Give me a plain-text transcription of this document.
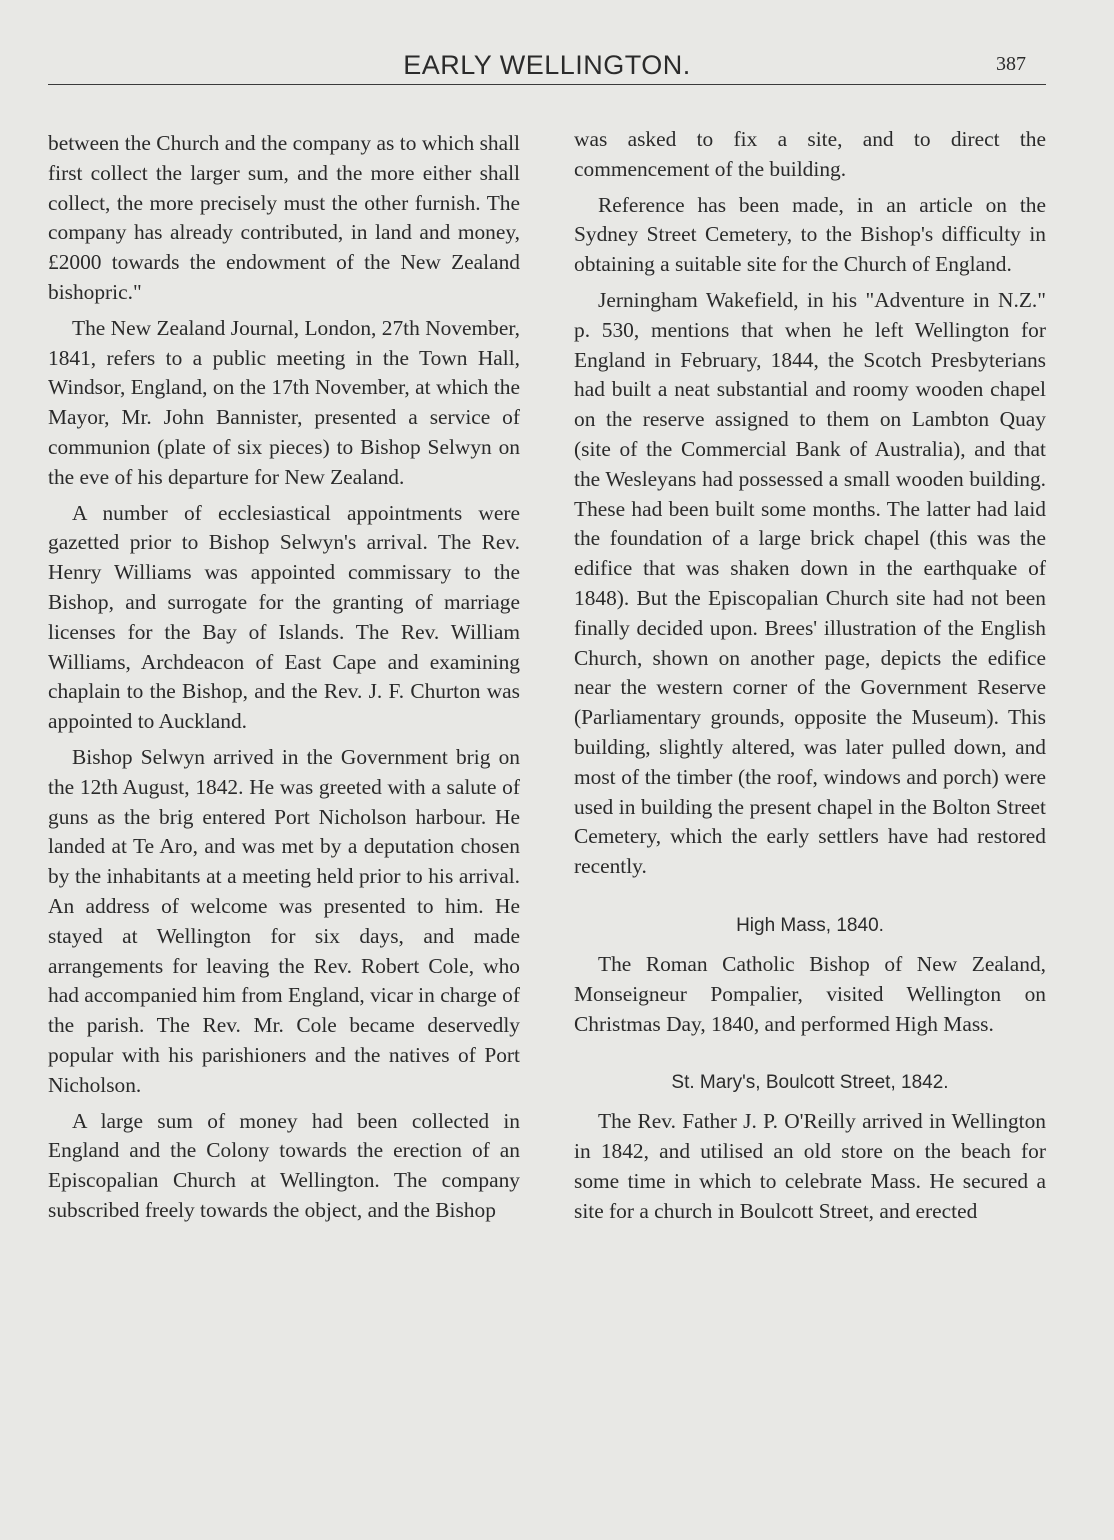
EARLY WELLINGTON.	387

between the Church and the company as to which shall first collect the larger sum, and the more either shall collect, the more precisely must the other furnish. The company has already contributed, in land and money, £2000 towards the endowment of the New Zealand bishopric."

The New Zealand Journal, London, 27th November, 1841, refers to a public meeting in the Town Hall, Windsor, England, on the 17th November, at which the Mayor, Mr. John Bannister, presented a service of communion (plate of six pieces) to Bishop Selwyn on the eve of his departure for New Zealand.

A number of ecclesiastical appointments were gazetted prior to Bishop Selwyn's arrival. The Rev. Henry Williams was appointed commissary to the Bishop, and surrogate for the granting of marriage licenses for the Bay of Islands. The Rev. William Williams, Archdeacon of East Cape and examining chaplain to the Bishop, and the Rev. J. F. Churton was appointed to Auckland.

Bishop Selwyn arrived in the Government brig on the 12th August, 1842. He was greeted with a salute of guns as the brig entered Port Nicholson harbour. He landed at Te Aro, and was met by a deputation chosen by the inhabitants at a meeting held prior to his arrival. An address of welcome was presented to him. He stayed at Wellington for six days, and made arrangements for leaving the Rev. Robert Cole, who had accompanied him from England, vicar in charge of the parish. The Rev. Mr. Cole became deservedly popular with his parishioners and the natives of Port Nicholson.

A large sum of money had been collected in England and the Colony towards the erection of an Episcopalian Church at Wellington. The company subscribed freely towards the object, and the Bishop

was asked to fix a site, and to direct the commencement of the building.

Reference has been made, in an article on the Sydney Street Cemetery, to the Bishop's difficulty in obtaining a suitable site for the Church of England.

Jerningham Wakefield, in his "Adventure in N.Z." p. 530, mentions that when he left Wellington for England in February, 1844, the Scotch Presbyterians had built a neat substantial and roomy wooden chapel on the reserve assigned to them on Lambton Quay (site of the Commercial Bank of Australia), and that the Wesleyans had possessed a small wooden building. These had been built some months. The latter had laid the foundation of a large brick chapel (this was the edifice that was shaken down in the earthquake of 1848). But the Episcopalian Church site had not been finally decided upon. Brees' illustration of the English Church, shown on another page, depicts the edifice near the western corner of the Government Reserve (Parliamentary grounds, opposite the Museum). This building, slightly altered, was later pulled down, and most of the timber (the roof, windows and porch) were used in building the present chapel in the Bolton Street Cemetery, which the early settlers have had restored recently.

High Mass, 1840.

The Roman Catholic Bishop of New Zealand, Monseigneur Pompalier, visited Wellington on Christmas Day, 1840, and performed High Mass.

St. Mary's, Boulcott Street, 1842.

The Rev. Father J. P. O'Reilly arrived in Wellington in 1842, and utilised an old store on the beach for some time in which to celebrate Mass. He secured a site for a church in Boulcott Street, and erected
